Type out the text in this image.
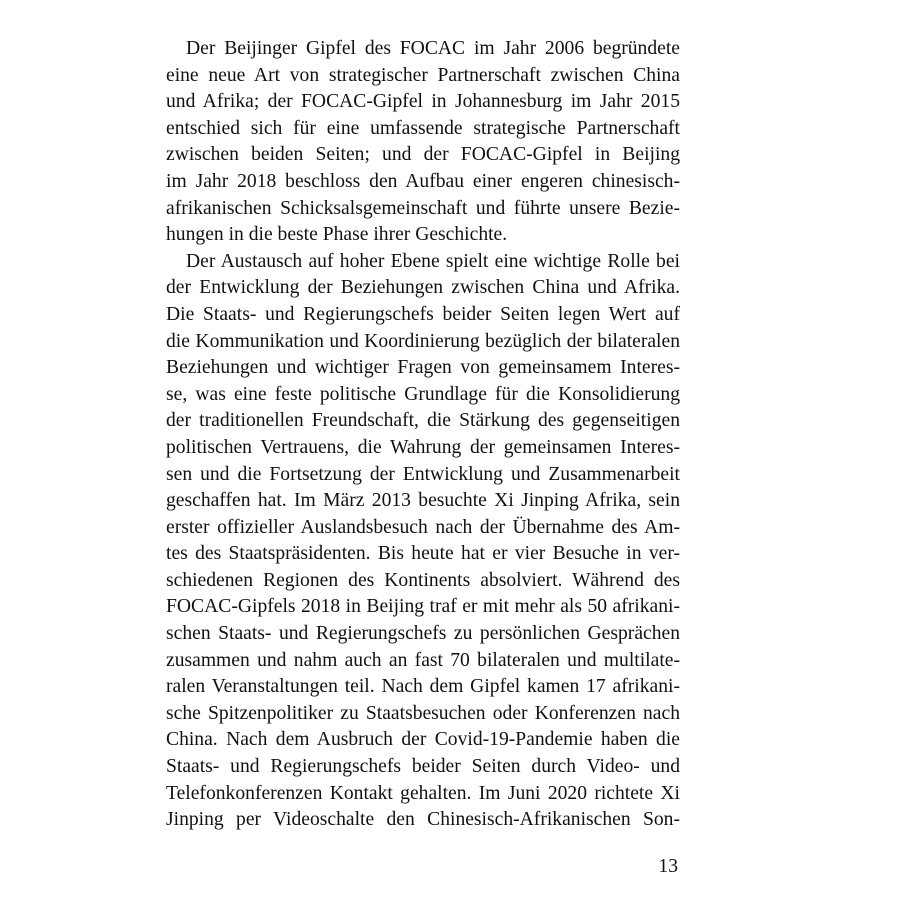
Der Beijinger Gipfel des FOCAC im Jahr 2006 begründete
eine neue Art von strategischer Partnerschaft zwischen China
und Afrika; der FOCAC-Gipfel in Johannesburg im Jahr 2015
entschied sich für eine umfassende strategische Partnerschaft
zwischen beiden Seiten; und der FOCAC-Gipfel in Beijing
im Jahr 2018 beschloss den Aufbau einer engeren chinesisch-
afrikanischen Schicksalsgemeinschaft und führte unsere Bezie-
hungen in die beste Phase ihrer Geschichte.
Der Austausch auf hoher Ebene spielt eine wichtige Rolle bei
der Entwicklung der Beziehungen zwischen China und Afrika.
Die Staats- und Regierungschefs beider Seiten legen Wert auf
die Kommunikation und Koordinierung bezüglich der bilateralen
Beziehungen und wichtiger Fragen von gemeinsamem Interes-
se, was eine feste politische Grundlage für die Konsolidierung
der traditionellen Freundschaft, die Stärkung des gegenseitigen
politischen Vertrauens, die Wahrung der gemeinsamen Interes-
sen und die Fortsetzung der Entwicklung und Zusammenarbeit
geschaffen hat. Im März 2013 besuchte Xi Jinping Afrika, sein
erster offizieller Auslandsbesuch nach der Übernahme des Am-
tes des Staatspräsidenten. Bis heute hat er vier Besuche in ver-
schiedenen Regionen des Kontinents absolviert. Während des
FOCAC-Gipfels 2018 in Beijing traf er mit mehr als 50 afrikani-
schen Staats- und Regierungschefs zu persönlichen Gesprächen
zusammen und nahm auch an fast 70 bilateralen und multilate-
ralen Veranstaltungen teil. Nach dem Gipfel kamen 17 afrikani-
sche Spitzenpolitiker zu Staatsbesuchen oder Konferenzen nach
China. Nach dem Ausbruch der Covid-19-Pandemie haben die
Staats- und Regierungschefs beider Seiten durch Video- und
Telefonkonferenzen Kontakt gehalten. Im Juni 2020 richtete Xi
Jinping per Videoschalte den Chinesisch-Afrikanischen Son-
13
